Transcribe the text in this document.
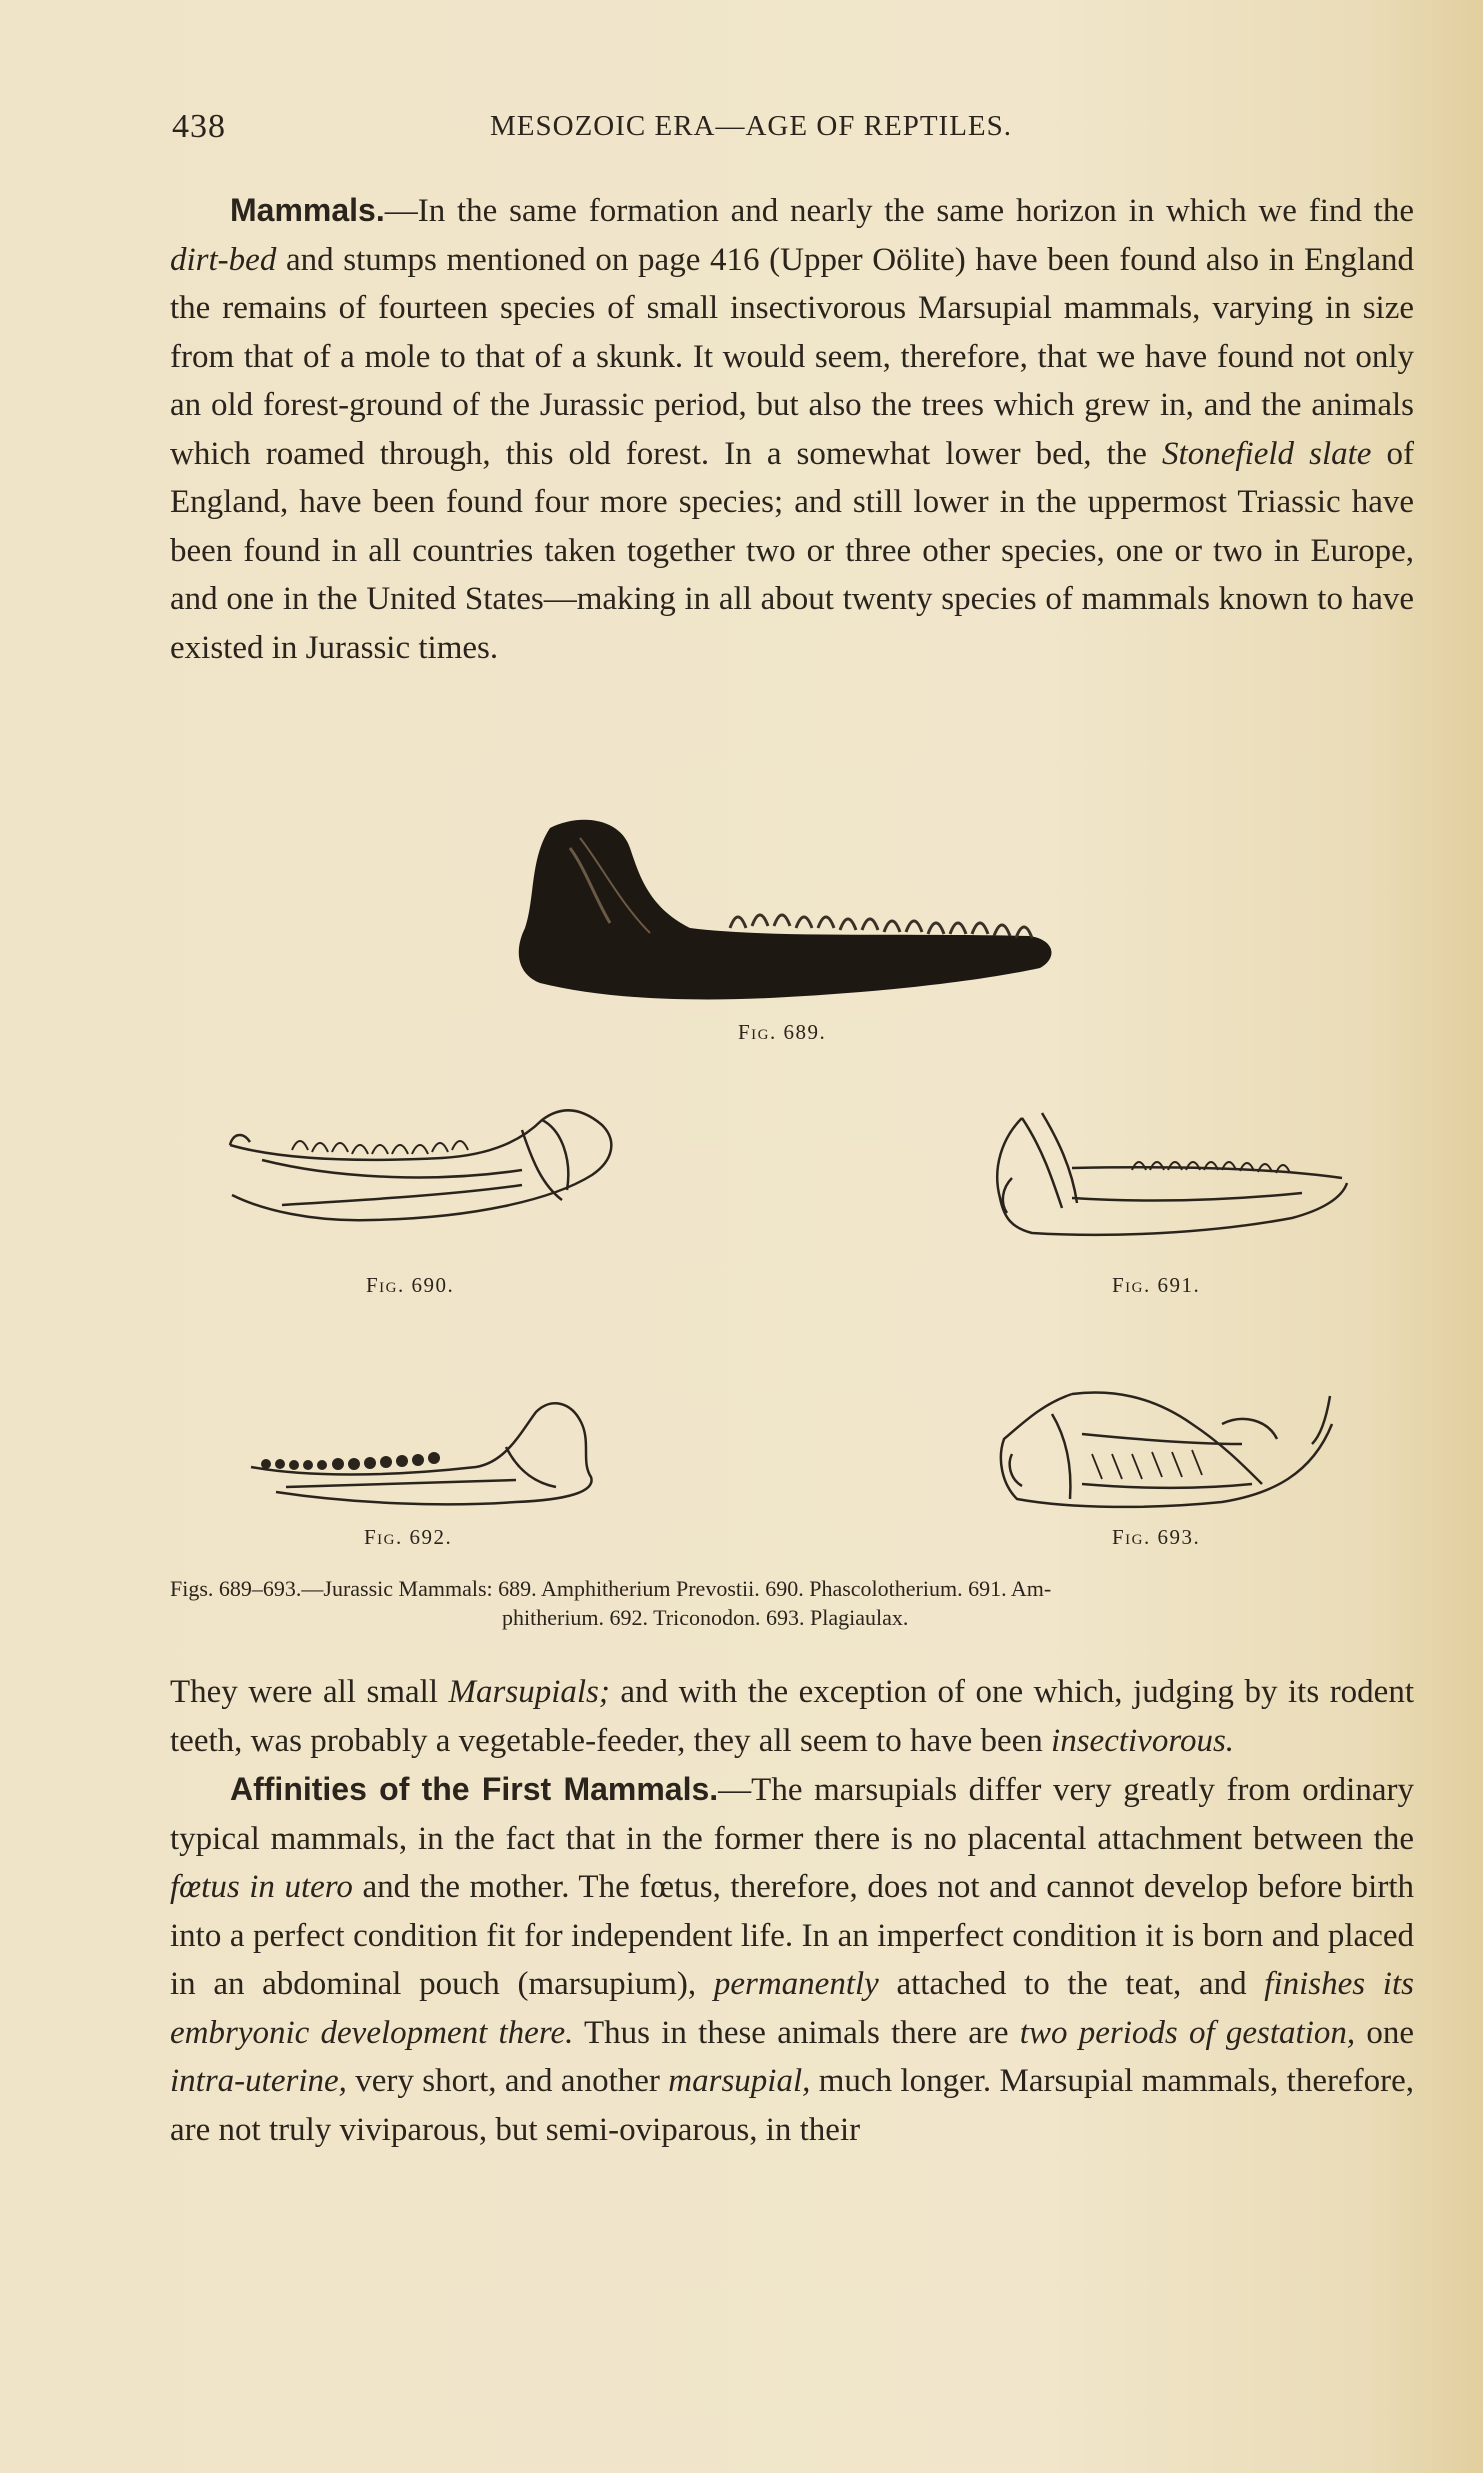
438	MESOZOIC ERA—AGE OF REPTILES.

Mammals.—In the same formation and nearly the same horizon in which we find the dirt-bed and stumps mentioned on page 416 (Upper Oölite) have been found also in England the remains of fourteen species of small insectivorous Marsupial mammals, varying in size from that of a mole to that of a skunk. It would seem, therefore, that we have found not only an old forest-ground of the Jurassic period, but also the trees which grew in, and the animals which roamed through, this old forest. In a somewhat lower bed, the Stonefield slate of England, have been found four more species; and still lower in the uppermost Triassic have been found in all countries taken together two or three other species, one or two in Europe, and one in the United States—making in all about twenty species of mammals known to have existed in Jurassic times.

Fig. 689.
Fig. 690.	Fig. 691.
Fig. 692.	Fig. 693.
Figs. 689–693.—Jurassic Mammals: 689. Amphitherium Prevostii. 690. Phascolotherium. 691. Am-
phitherium. 692. Triconodon. 693. Plagiaulax.

They were all small Marsupials; and with the exception of one which, judging by its rodent teeth, was probably a vegetable-feeder, they all seem to have been insectivorous.

Affinities of the First Mammals.—The marsupials differ very greatly from ordinary typical mammals, in the fact that in the former there is no placental attachment between the fœtus in utero and the mother. The fœtus, therefore, does not and cannot develop before birth into a perfect condition fit for independent life. In an imperfect condition it is born and placed in an abdominal pouch (marsupium), permanently attached to the teat, and finishes its embryonic development there. Thus in these animals there are two periods of gestation, one intra-uterine, very short, and another marsupial, much longer. Marsupial mammals, therefore, are not truly viviparous, but semi-oviparous, in their
